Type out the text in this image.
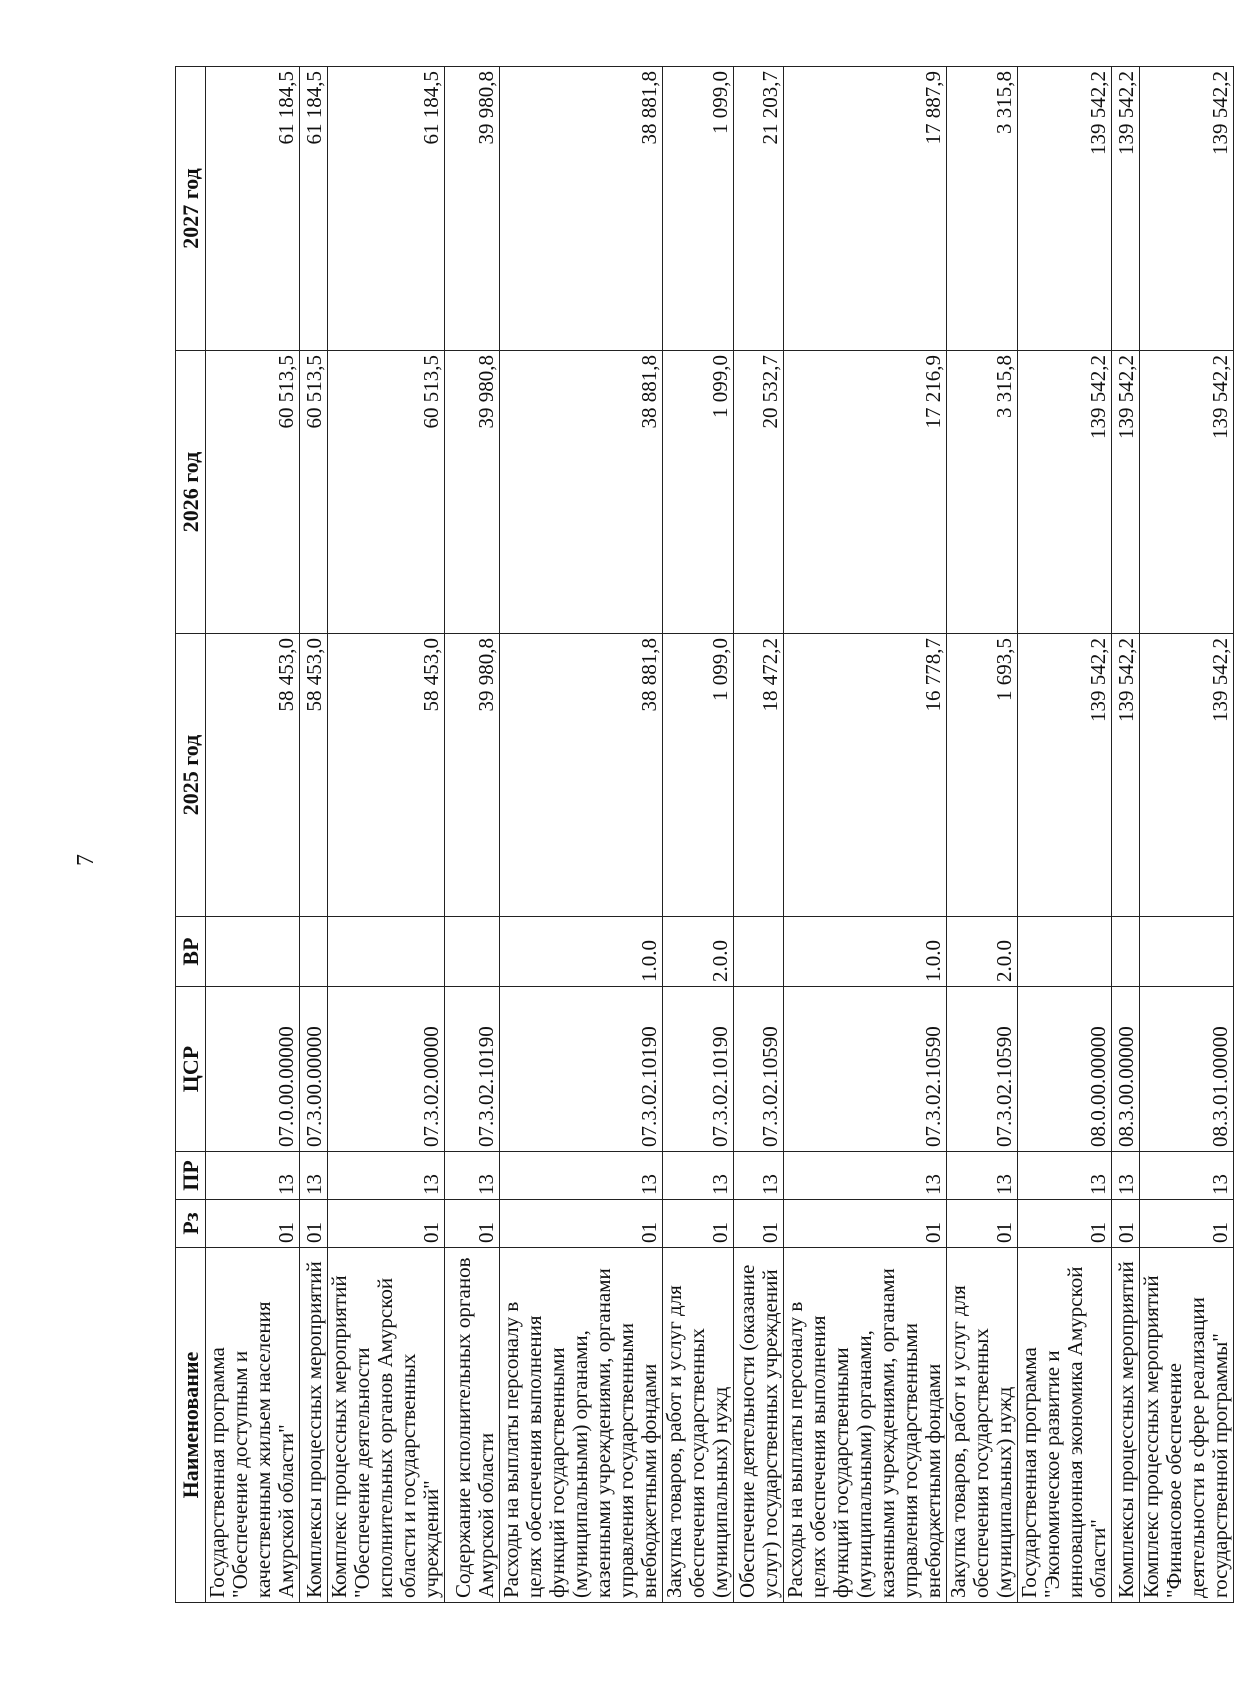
7
Наименование	Рз	ПР	ЦСР	ВР	2025 год	2026 год	2027 год
Государственная программа "Обеспечение доступным и качественным жильем населения Амурской области"	01	13	07.0.00.00000		58 453,0	60 513,5	61 184,5
Комплексы процессных мероприятий	01	13	07.3.00.00000		58 453,0	60 513,5	61 184,5
Комплекс процессных мероприятий "Обеспечение деятельности исполнительных органов Амурской области и государственных учреждений"	01	13	07.3.02.00000		58 453,0	60 513,5	61 184,5
Содержание исполнительных органов Амурской области	01	13	07.3.02.10190		39 980,8	39 980,8	39 980,8
Расходы на выплаты персоналу в целях обеспечения выполнения функций государственными (муниципальными) органами, казенными учреждениями, органами управления государственными внебюджетными фондами	01	13	07.3.02.10190	1.0.0	38 881,8	38 881,8	38 881,8
Закупка товаров, работ и услуг для обеспечения государственных (муниципальных) нужд	01	13	07.3.02.10190	2.0.0	1 099,0	1 099,0	1 099,0
Обеспечение деятельности (оказание услуг) государственных учреждений	01	13	07.3.02.10590		18 472,2	20 532,7	21 203,7
Расходы на выплаты персоналу в целях обеспечения выполнения функций государственными (муниципальными) органами, казенными учреждениями, органами управления государственными внебюджетными фондами	01	13	07.3.02.10590	1.0.0	16 778,7	17 216,9	17 887,9
Закупка товаров, работ и услуг для обеспечения государственных (муниципальных) нужд	01	13	07.3.02.10590	2.0.0	1 693,5	3 315,8	3 315,8
Государственная программа "Экономическое развитие и инновационная экономика Амурской области"	01	13	08.0.00.00000		139 542,2	139 542,2	139 542,2
Комплексы процессных мероприятий	01	13	08.3.00.00000		139 542,2	139 542,2	139 542,2
Комплекс процессных мероприятий "Финансовое обеспечение деятельности в сфере реализации государственной программы"	01	13	08.3.01.00000		139 542,2	139 542,2	139 542,2
